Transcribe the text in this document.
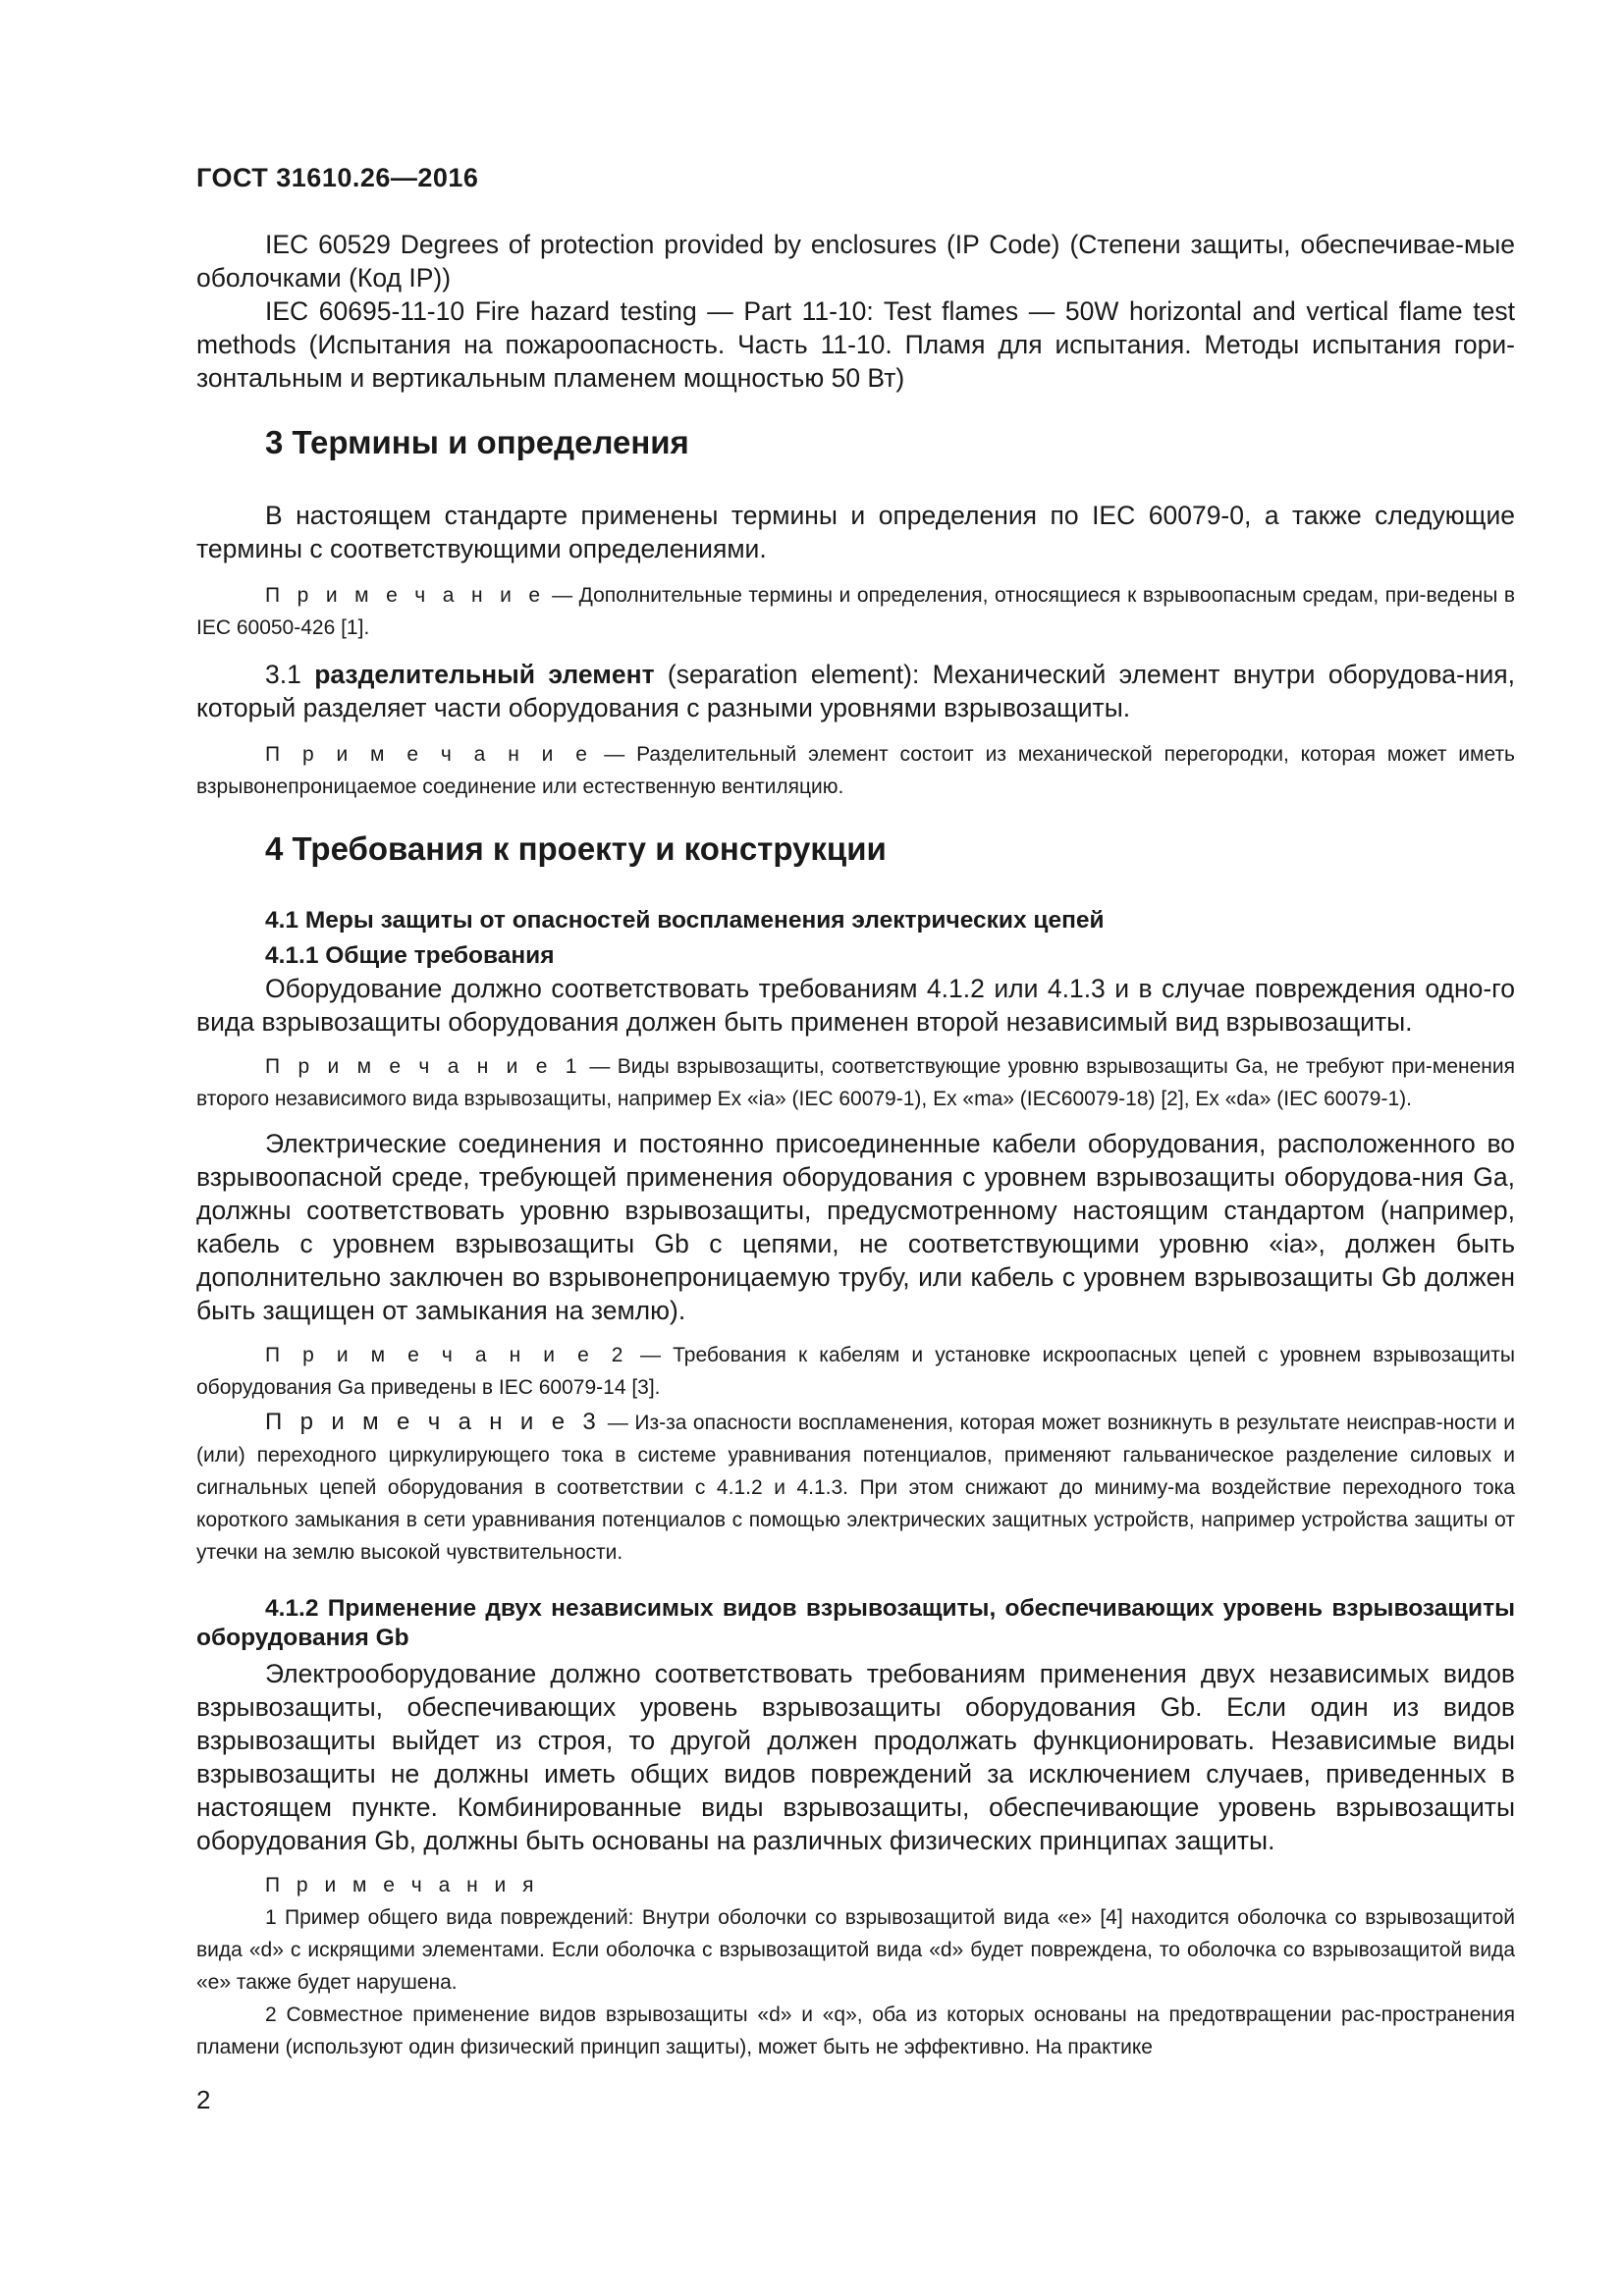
ГОСТ 31610.26—2016

IEC 60529 Degrees of protection provided by enclosures (IP Code) (Степени защиты, обеспечивае-мые оболочками (Код IP))

IEC 60695-11-10 Fire hazard testing — Part 11-10: Test flames — 50W horizontal and vertical flame test methods (Испытания на пожароопасность. Часть 11-10. Пламя для испытания. Методы испытания гори-зонтальным и вертикальным пламенем мощностью 50 Вт)

3 Термины и определения

В настоящем стандарте применены термины и определения по IEC 60079-0, а также следующие термины с соответствующими определениями.

П р и м е ч а н и е — Дополнительные термины и определения, относящиеся к взрывоопасным средам, при-ведены в IEC 60050-426 [1].

3.1 разделительный элемент (separation element): Механический элемент внутри оборудова-ния, который разделяет части оборудования с разными уровнями взрывозащиты.

П р и м е ч а н и е — Разделительный элемент состоит из механической перегородки, которая может иметь взрывонепроницаемое соединение или естественную вентиляцию.

4 Требования к проекту и конструкции
4.1 Меры защиты от опасностей воспламенения электрических цепей
4.1.1 Общие требования

Оборудование должно соответствовать требованиям 4.1.2 или 4.1.3 и в случае повреждения одно-го вида взрывозащиты оборудования должен быть применен второй независимый вид взрывозащиты.

П р и м е ч а н и е 1 — Виды взрывозащиты, соответствующие уровню взрывозащиты Ga, не требуют при-менения второго независимого вида взрывозащиты, например Ex «ia» (IEC 60079-1), Ex «ma» (IEC60079-18) [2], Ex «da» (IEC 60079-1).

Электрические соединения и постоянно присоединенные кабели оборудования, расположенного во взрывоопасной среде, требующей применения оборудования с уровнем взрывозащиты оборудова-ния Ga, должны соответствовать уровню взрывозащиты, предусмотренному настоящим стандартом (например, кабель с уровнем взрывозащиты Gb с цепями, не соответствующими уровню «ia», должен быть дополнительно заключен во взрывонепроницаемую трубу, или кабель с уровнем взрывозащиты Gb должен быть защищен от замыкания на землю).

П р и м е ч а н и е 2 — Требования к кабелям и установке искроопасных цепей с уровнем взрывозащиты оборудования Ga приведены в IEC 60079-14 [3].

П р и м е ч а н и е 3 — Из-за опасности воспламенения, которая может возникнуть в результате неисправ-ности и (или) переходного циркулирующего тока в системе уравнивания потенциалов, применяют гальваническое разделение силовых и сигнальных цепей оборудования в соответствии с 4.1.2 и 4.1.3. При этом снижают до миниму-ма воздействие переходного тока короткого замыкания в сети уравнивания потенциалов с помощью электрических защитных устройств, например устройства защиты от утечки на землю высокой чувствительности.

4.1.2 Применение двух независимых видов взрывозащиты, обеспечивающих уровень взрывозащиты оборудования Gb

Электрооборудование должно соответствовать требованиям применения двух независимых видов взрывозащиты, обеспечивающих уровень взрывозащиты оборудования Gb. Если один из видов взрывозащиты выйдет из строя, то другой должен продолжать функционировать. Независимые виды взрывозащиты не должны иметь общих видов повреждений за исключением случаев, приведенных в настоящем пункте. Комбинированные виды взрывозащиты, обеспечивающие уровень взрывозащиты оборудования Gb, должны быть основаны на различных физических принципах защиты.

П р и м е ч а н и я

1 Пример общего вида повреждений: Внутри оболочки со взрывозащитой вида «е» [4] находится оболочка со взрывозащитой вида «d» с искрящими элементами. Если оболочка с взрывозащитой вида «d» будет повреждена, то оболочка со взрывозащитой вида «е» также будет нарушена.

2 Совместное применение видов взрывозащиты «d» и «q», оба из которых основаны на предотвращении рас-пространения пламени (используют один физический принцип защиты), может быть не эффективно. На практике

2
